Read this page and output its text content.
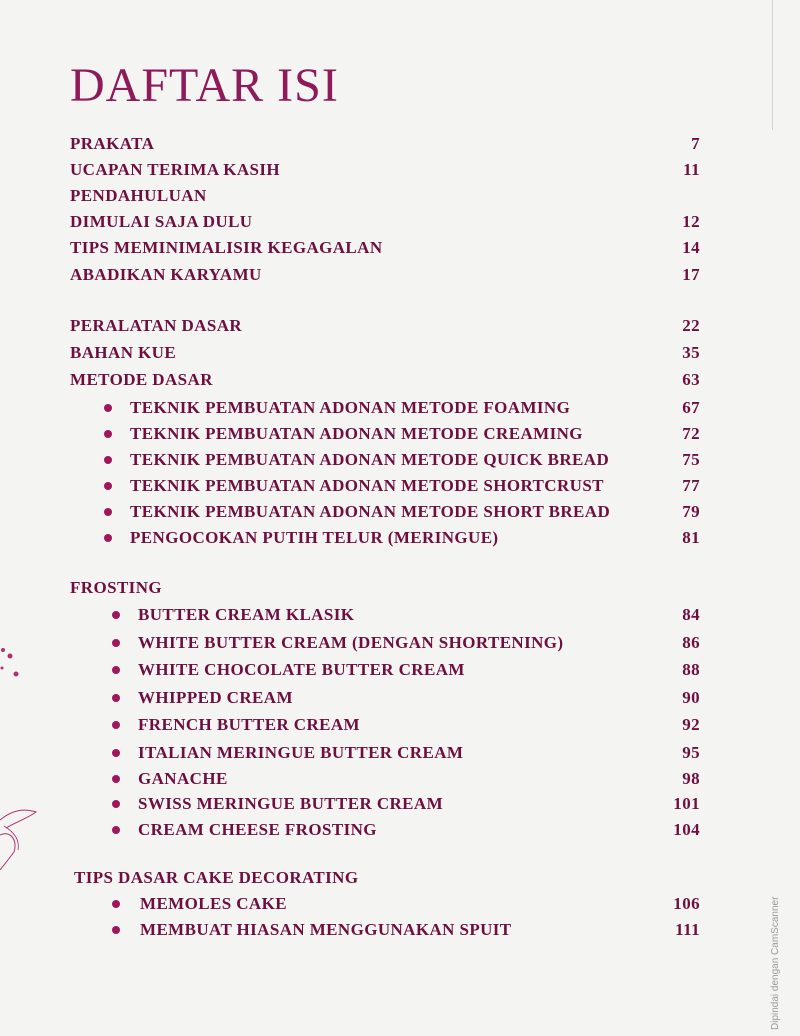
DAFTAR ISI
PRAKATA	7
UCAPAN TERIMA KASIH	11
PENDAHULUAN
DIMULAI SAJA DULU	12
TIPS MEMINIMALISIR KEGAGALAN	14
ABADIKAN KARYAMU	17
PERALATAN DASAR	22
BAHAN KUE	35
METODE DASAR	63
TEKNIK PEMBUATAN ADONAN METODE FOAMING	67
TEKNIK PEMBUATAN ADONAN METODE CREAMING	72
TEKNIK PEMBUATAN ADONAN METODE QUICK BREAD	75
TEKNIK PEMBUATAN ADONAN METODE SHORTCRUST	77
TEKNIK PEMBUATAN ADONAN METODE SHORT BREAD	79
PENGOCOKAN PUTIH TELUR (MERINGUE)	81
FROSTING
BUTTER CREAM KLASIK	84
WHITE BUTTER CREAM (DENGAN SHORTENING)	86
WHITE CHOCOLATE BUTTER CREAM	88
WHIPPED CREAM	90
FRENCH BUTTER CREAM	92
ITALIAN MERINGUE BUTTER CREAM	95
GANACHE	98
SWISS MERINGUE BUTTER CREAM	101
CREAM CHEESE FROSTING	104
TIPS DASAR CAKE DECORATING
MEMOLES CAKE	106
MEMBUAT HIASAN MENGGUNAKAN SPUIT	111	Dipindai dengan CamScanner
